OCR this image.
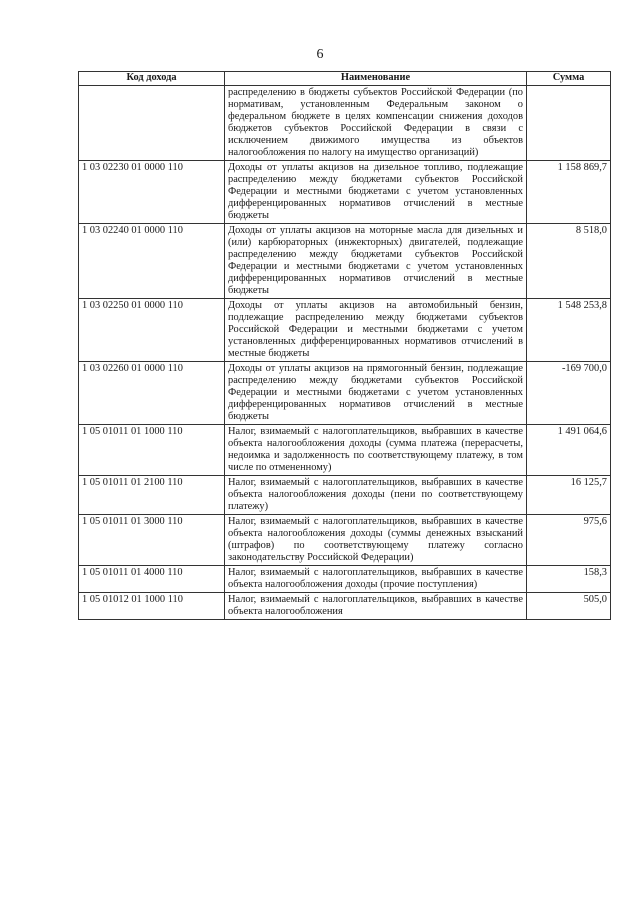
6
Код дохода	Наименование	Сумма
	распределению в бюджеты субъектов Российской Федерации (по нормативам, установленным Федеральным законом о федеральном бюджете в целях компенсации снижения доходов бюджетов субъектов Российской Федерации в связи с исключением движимого имущества из объектов налогообложения по налогу на имущество организаций)	
1 03 02230 01 0000 110	Доходы от уплаты акцизов на дизельное топливо, подлежащие распределению между бюджетами субъектов Российской Федерации и местными бюджетами с учетом установленных дифференцированных нормативов отчислений в местные бюджеты	1 158 869,7
1 03 02240 01 0000 110	Доходы от уплаты акцизов на моторные масла для дизельных и (или) карбюраторных (инжекторных) двигателей, подлежащие распределению между бюджетами субъектов Российской Федерации и местными бюджетами с учетом установленных дифференцированных нормативов отчислений в местные бюджеты	8 518,0
1 03 02250 01 0000 110	Доходы от уплаты акцизов на автомобильный бензин, подлежащие распределению между бюджетами субъектов Российской Федерации и местными бюджетами с учетом установленных дифференцированных нормативов отчислений в местные бюджеты	1 548 253,8
1 03 02260 01 0000 110	Доходы от уплаты акцизов на прямогонный бензин, подлежащие распределению между бюджетами субъектов Российской Федерации и местными бюджетами с учетом установленных дифференцированных нормативов отчислений в местные бюджеты	-169 700,0
1 05 01011 01 1000 110	Налог, взимаемый с налогоплательщиков, выбравших в качестве объекта налогообложения доходы (сумма платежа (перерасчеты, недоимка и задолженность по соответствующему платежу, в том числе по отмененному)	1 491 064,6
1 05 01011 01 2100 110	Налог, взимаемый с налогоплательщиков, выбравших в качестве объекта налогообложения доходы (пени по соответствующему платежу)	16 125,7
1 05 01011 01 3000 110	Налог, взимаемый с налогоплательщиков, выбравших в качестве объекта налогообложения доходы (суммы денежных взысканий (штрафов) по соответствующему платежу согласно законодательству Российской Федерации)	975,6
1 05 01011 01 4000 110	Налог, взимаемый с налогоплательщиков, выбравших в качестве объекта налогообложения доходы (прочие поступления)	158,3
1 05 01012 01 1000 110	Налог, взимаемый с налогоплательщиков, выбравших в качестве объекта налогообложения	505,0
